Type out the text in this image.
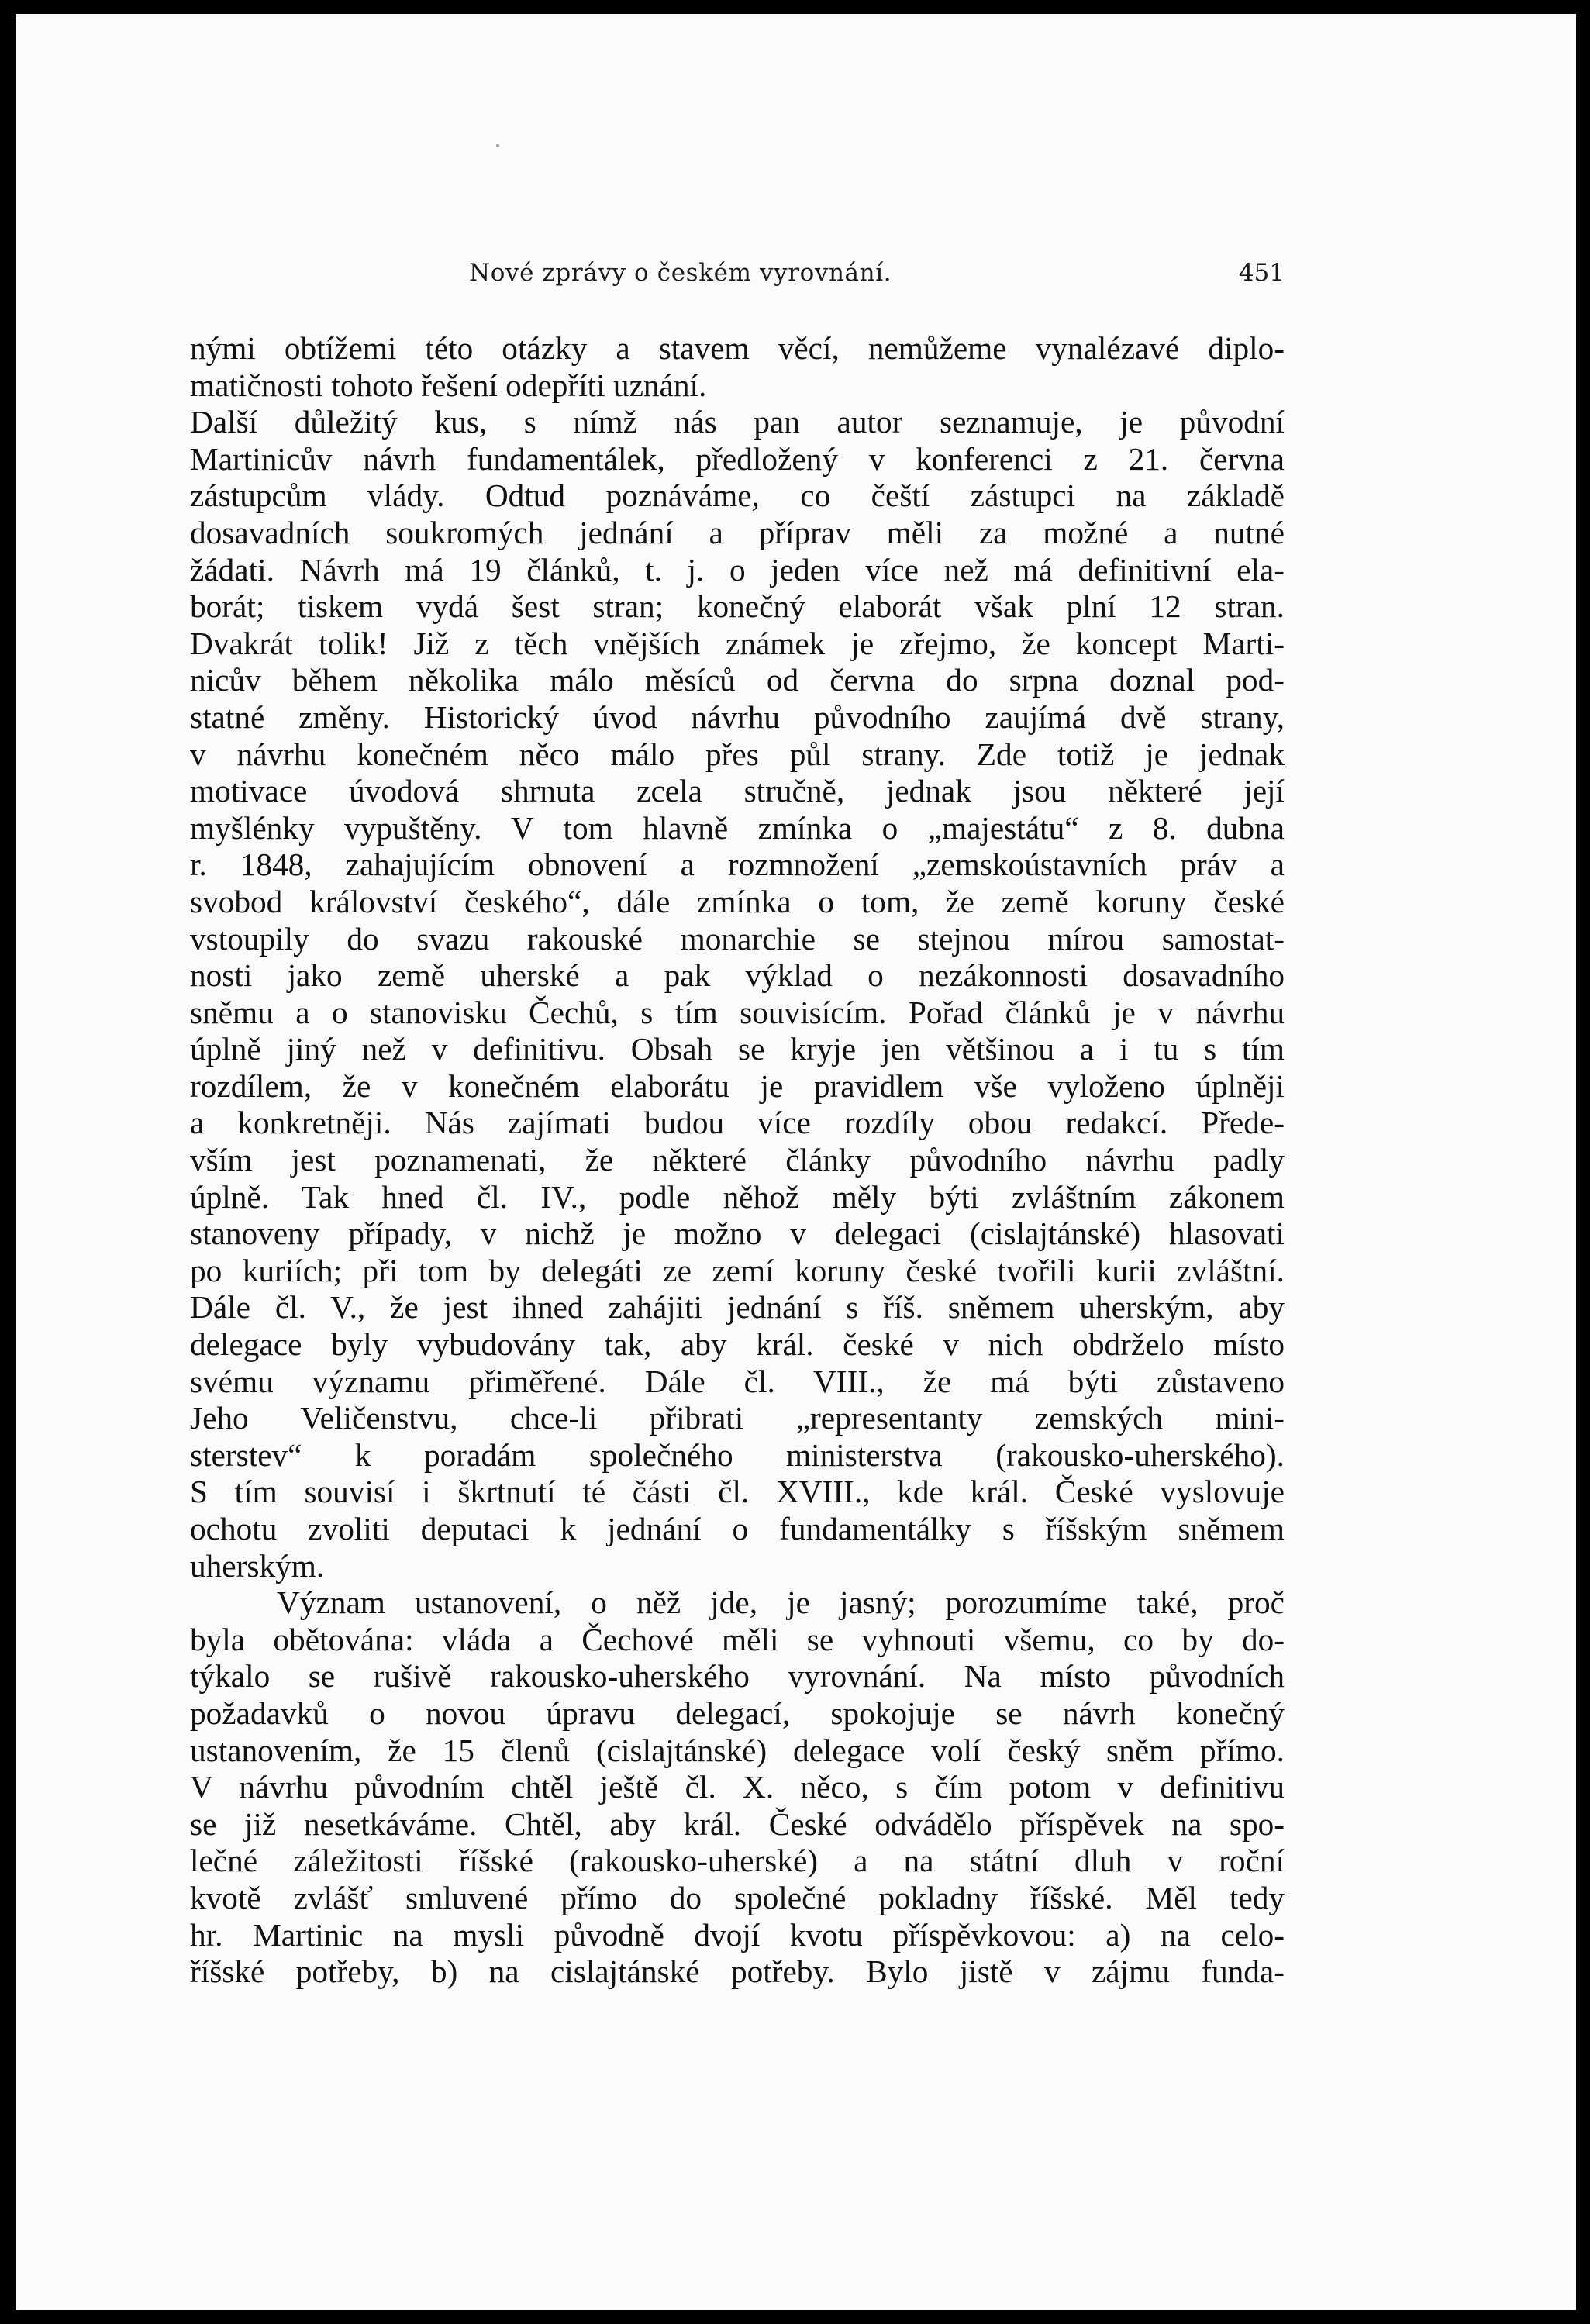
Nové zprávy o českém vyrovnání.	451
nými obtížemi této otázky a stavem věcí, nemůžeme vynalézavé diplo-
matičnosti tohoto řešení odepříti uznání.
Další důležitý kus, s nímž nás pan autor seznamuje, je původní
Martinicův návrh fundamentálek, předložený v konferenci z 21. června
zástupcům vlády. Odtud poznáváme, co čeští zástupci na základě
dosavadních soukromých jednání a příprav měli za možné a nutné
žádati. Návrh má 19 článků, t. j. o jeden více než má definitivní ela-
borát; tiskem vydá šest stran; konečný elaborát však plní 12 stran.
Dvakrát tolik! Již z těch vnějších známek je zřejmo, že koncept Marti-
nicův během několika málo měsíců od června do srpna doznal pod-
statné změny. Historický úvod návrhu původního zaujímá dvě strany,
v návrhu konečném něco málo přes půl strany. Zde totiž je jednak
motivace úvodová shrnuta zcela stručně, jednak jsou některé její
myšlénky vypuštěny. V tom hlavně zmínka o „majestátu“ z 8. dubna
r. 1848, zahajujícím obnovení a rozmnožení „zemskoústavních práv a
svobod království českého“, dále zmínka o tom, že země koruny české
vstoupily do svazu rakouské monarchie se stejnou mírou samostat-
nosti jako země uherské a pak výklad o nezákonnosti dosavadního
sněmu a o stanovisku Čechů, s tím souvisícím. Pořad článků je v návrhu
úplně jiný než v definitivu. Obsah se kryje jen většinou a i tu s tím
rozdílem, že v konečném elaborátu je pravidlem vše vyloženo úplněji
a konkretněji. Nás zajímati budou více rozdíly obou redakcí. Přede-
vším jest poznamenati, že některé články původního návrhu padly
úplně. Tak hned čl. IV., podle něhož měly býti zvláštním zákonem
stanoveny případy, v nichž je možno v delegaci (cislajtánské) hlasovati
po kuriích; při tom by delegáti ze zemí koruny české tvořili kurii zvláštní.
Dále čl. V., že jest ihned zahájiti jednání s říš. sněmem uherským, aby
delegace byly vybudovány tak, aby král. české v nich obdrželo místo
svému významu přiměřené. Dále čl. VIII., že má býti zůstaveno
Jeho Veličenstvu, chce-li přibrati „representanty zemských mini-
sterstev“ k poradám společného ministerstva (rakousko-uherského).
S tím souvisí i škrtnutí té části čl. XVIII., kde král. České vyslovuje
ochotu zvoliti deputaci k jednání o fundamentálky s říšským sněmem
uherským.
Význam ustanovení, o něž jde, je jasný; porozumíme také, proč
byla obětována: vláda a Čechové měli se vyhnouti všemu, co by do-
týkalo se rušivě rakousko-uherského vyrovnání. Na místo původních
požadavků o novou úpravu delegací, spokojuje se návrh konečný
ustanovením, že 15 členů (cislajtánské) delegace volí český sněm přímo.
V návrhu původním chtěl ještě čl. X. něco, s čím potom v definitivu
se již nesetkáváme. Chtěl, aby král. České odvádělo příspěvek na spo-
lečné záležitosti říšské (rakousko-uherské) a na státní dluh v roční
kvotě zvlášť smluvené přímo do společné pokladny říšské. Měl tedy
hr. Martinic na mysli původně dvojí kvotu příspěvkovou: a) na celo-
říšské potřeby, b) na cislajtánské potřeby. Bylo jistě v zájmu funda-
